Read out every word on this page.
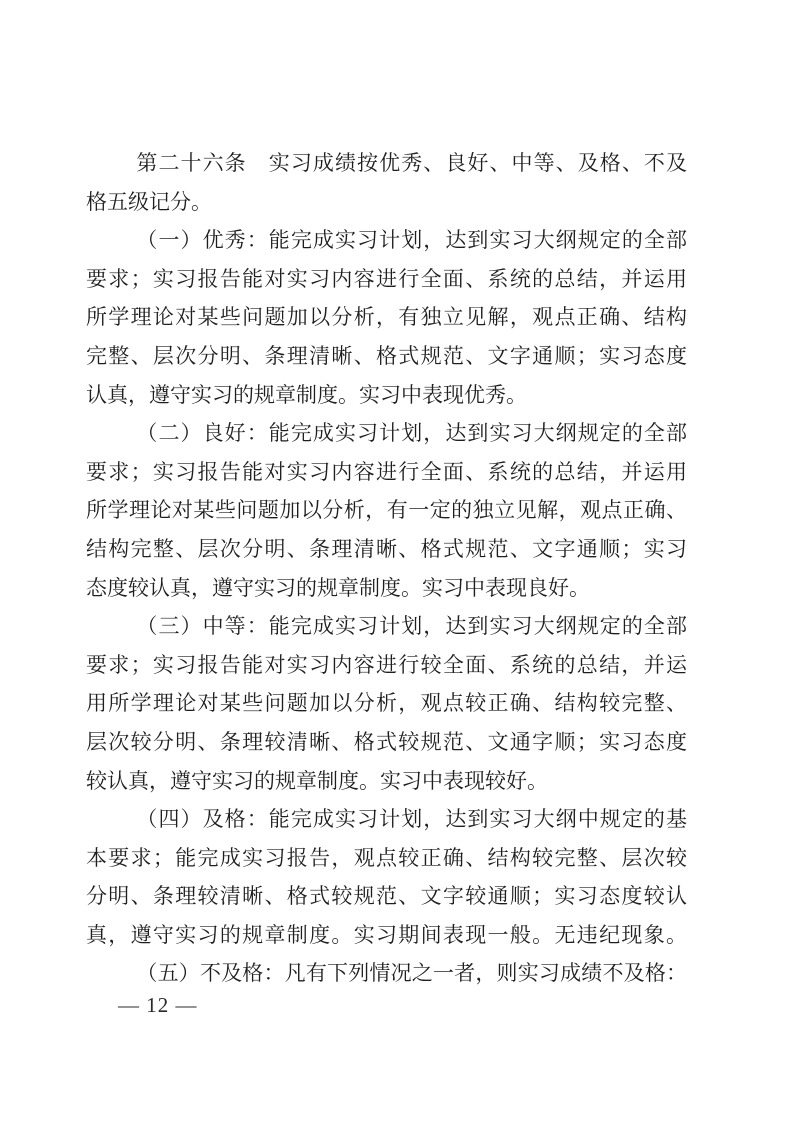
第二十六条　实习成绩按优秀、良好、中等、及格、不及
格五级记分。
（一）优秀：能完成实习计划，达到实习大纲规定的全部
要求；实习报告能对实习内容进行全面、系统的总结，并运用
所学理论对某些问题加以分析，有独立见解，观点正确、结构
完整、层次分明、条理清晰、格式规范、文字通顺；实习态度
认真，遵守实习的规章制度。实习中表现优秀。
（二）良好：能完成实习计划，达到实习大纲规定的全部
要求；实习报告能对实习内容进行全面、系统的总结，并运用
所学理论对某些问题加以分析，有一定的独立见解，观点正确、
结构完整、层次分明、条理清晰、格式规范、文字通顺；实习
态度较认真，遵守实习的规章制度。实习中表现良好。
（三）中等：能完成实习计划，达到实习大纲规定的全部
要求；实习报告能对实习内容进行较全面、系统的总结，并运
用所学理论对某些问题加以分析，观点较正确、结构较完整、
层次较分明、条理较清晰、格式较规范、文通字顺；实习态度
较认真，遵守实习的规章制度。实习中表现较好。
（四）及格：能完成实习计划，达到实习大纲中规定的基
本要求；能完成实习报告，观点较正确、结构较完整、层次较
分明、条理较清晰、格式较规范、文字较通顺；实习态度较认
真，遵守实习的规章制度。实习期间表现一般。无违纪现象。
（五）不及格：凡有下列情况之一者，则实习成绩不及格：
— 12 —
